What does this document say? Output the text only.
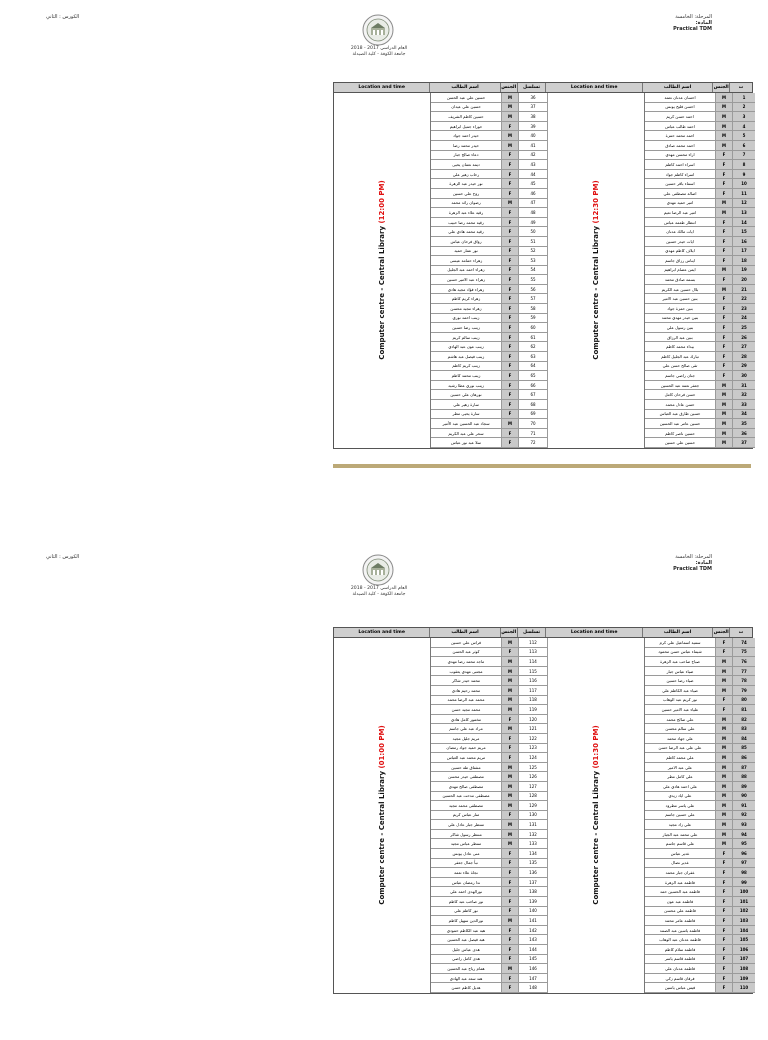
الكورس : الثاني	المرحلة: الخامسة
المادة: Practical TDM
العام الدراسي 2017 - 2018
جامعة الكوفة - كلية الصيدلة
Location and time	اسم الطالب	الجنس	تسلسل	Location and time	اسم الطالب	الجنس	ت
Computer centre - Central Library (12:00 PM)
حسين علي عبد الحسن	M	36
حسين علي عيدان	M	37
حسين كاظم الشريف	M	38
حوراء جميل ابراهيم	F	39
حيدر احمد جواد	M	40
حيدر محمد رضا	M	41
دعاء صالح جبار	F	42
ديمة نعمان يحيى	F	43
رحاب زهير علي	F	44
نور حيدر عبد الزهرة	F	45
روح علي حسين	F	46
رضوان رائد محمد	M	47
رقية علاء عبد الزهرة	F	48
رقية محمد رضا حبيب	F	49
رقية محمد هادي علي	F	50
رواق فرحان عباس	F	51
نور عمار حميد	F	52
زهراء حمامة عيسى	F	53
زهراء احمد عبد الجليل	F	54
زهراء عبد الامير حسين	F	55
زهراء فؤاد مجيد هادي	F	56
زهراء كريم كاظم	F	57
زهراء مجيد محسن	F	58
زينب احمد نوري	F	59
زينب رضا حسين	F	60
زينب سالم كريم	F	61
زينب عون عبد الهادي	F	62
زينب فيصل عبد هاشم	F	63
زينب كريم كاظم	F	64
زينب محمد كاظم	F	65
زينب نوري عطا رشيد	F	66
نورهان علي حسين	F	67
سارة زهير علي	F	68
سارة يحيى مطر	F	69
سجاد عبد الحسين عبد الأمير	M	70
سحر علي عبد الكريم	F	71
سلا عبد نور عباس	F	72
Computer centre - Central Library (12:30 PM)
احسان عدنان نعمة	M	1
احسن فليح يونس	M	2
احمد حسن كريم	M	3
احمد طالب عباس	M	4
احمد محمد حمزة	M	5
احمد محمد صادق	M	6
اراء محسن مهدي	F	7
اسراء احمد كاظم	F	8
اسراء كاظم جواد	F	9
اسماء باقر حسين	F	10
اصالة مصطفى علي	F	11
امير حميد مهدي	M	12
امير عبد الرضا نعيم	M	13
انتظار طعمة عباس	F	14
ايات مالك عدنان	F	15
ايات حيدر حسين	F	16
ايلاف كاظم مهدي	F	17
ايناس رزاق جاسم	F	18
ايمن عصام ابراهيم	M	19
بسمة صادق محمد	F	20
بلال حسين عبد الكريم	M	21
بنين حسين عبد الامير	F	22
بنين حمزة جواد	F	23
بنين حيدر مهدي محمد	F	24
بنين رسول علي	F	25
بنين عبد الرزاق	F	26
بيداء محمد كاظم	F	27
تبارك عبد الجليل كاظم	F	28
تقى صالح حسن علي	F	29
جنان راضي جاسم	F	30
جعفر نعمة عبد الحسين	M	31
حسن فرحان كامل	M	32
حسن عادل محمد	M	33
حسين طارق عبد العباس	M	34
حسين عامر عبد الحسين	M	35
حسين ناصر كاظم	M	36
حسين علي حسين	M	37
الكورس : الثاني	المرحلة: الخامسة
المادة: Practical TDM
العام الدراسي 2017 - 2018
جامعة الكوفة - كلية الصيدلة
Location and time	اسم الطالب	الجنس	تسلسل	Location and time	اسم الطالب	الجنس	ت
Computer centre - Central Library (01:00 PM)
فراس علي حسين	M	112
كوثر عبد الحسن	F	113
ماجد محمد رضا مهدي	M	114
مجتبى مهدي يعقوب	M	115
محمد حيدر شاكر	M	116
محمد رحيم هادي	M	117
محمد عبد الرضا محمد	M	118
محمد مجيد حسن	M	119
مخمور كامل هادي	F	120
مراد عبد علي جاسم	M	121
مريم جليل مجيد	F	122
مريم حميد جواد رمضان	F	123
مريم محمد عبد العباس	F	124
مشتاق طه حسين	M	125
مصطفى حيدر محسن	M	126
مصطفى صالح مهدي	M	127
مصطفى مدحت عبد الحسين	M	128
مصطفى محمد مجيد	M	129
منار عباس كريم	F	130
منتظر جبار عادل علي	M	131
منتظر رسول شاكر	M	132
منتظر عباس مجيد	M	133
منى عادل يونس	F	134
نبأ جمال جعفر	F	135
نجاة علاء نعمة	F	136
ندا رمضان عباس	F	137
نورالهدى احمد علي	F	138
نور صاحب عبد كاظم	F	139
نور كاظم علي	F	140
نورالدين سهيل كاظم	M	141
هبة عبد الكاظم حمودي	F	142
هبة فيصل عبد الحسين	F	143
هدى عباس جليل	F	144
هدى كامل راضي	F	145
همام رياح عبد الحسين	M	146
هند سعد عبد الهادي	F	147
هديل كاظم حسن	F	148
Computer centre - Central Library (01:30 PM)
سمية اسماعيل علي كرم	F	74
شيماء عباس حسن محمود	F	75
صباح صاحب عبد الزهرة	M	76
ضياء عباس جبار	M	77
ضياء رضا حسين	M	78
ضياء عبد الكاظم علي	M	79
نور كريم عبد الوهاب	F	80
علياء عبد الامير حسين	F	81
علي صالح محمد	M	82
علي سالم محسن	M	83
علي جهاد محمد	M	84
علي علي عبد الرضا حسن	M	85
علي محمد كاظم	M	86
علي عبد الامير	M	87
علي كامل مطر	M	88
علي احمد هادي علي	M	89
علي اياد زيدي	M	90
علي ياسر مطرود	M	91
علي حسين جاسم	M	92
علي زاد مجيد	M	93
علي محمد عبد الجبار	M	94
علي قاسم جاسم	M	95
غدير عباس	F	96
غدير نضال	F	97
غفران جبار محمد	F	98
فاطمة عبد الزهرة	F	99
فاطمة عبد الحسين حمد	F	100
فاطمة عبد عون	F	101
فاطمة علي محسن	F	102
فاطمة عامر محمد	F	103
فاطمة ياسين عبد الصمد	F	104
فاطمة عدنان عبد الوهاب	F	105
فاطمة سلام كاظم	F	106
فاطمة قاسم ياسر	F	107
فاطمة عدنان علي	F	108
فرقان قاسم زكي	F	109
فيس عباس ياسين	F	110
